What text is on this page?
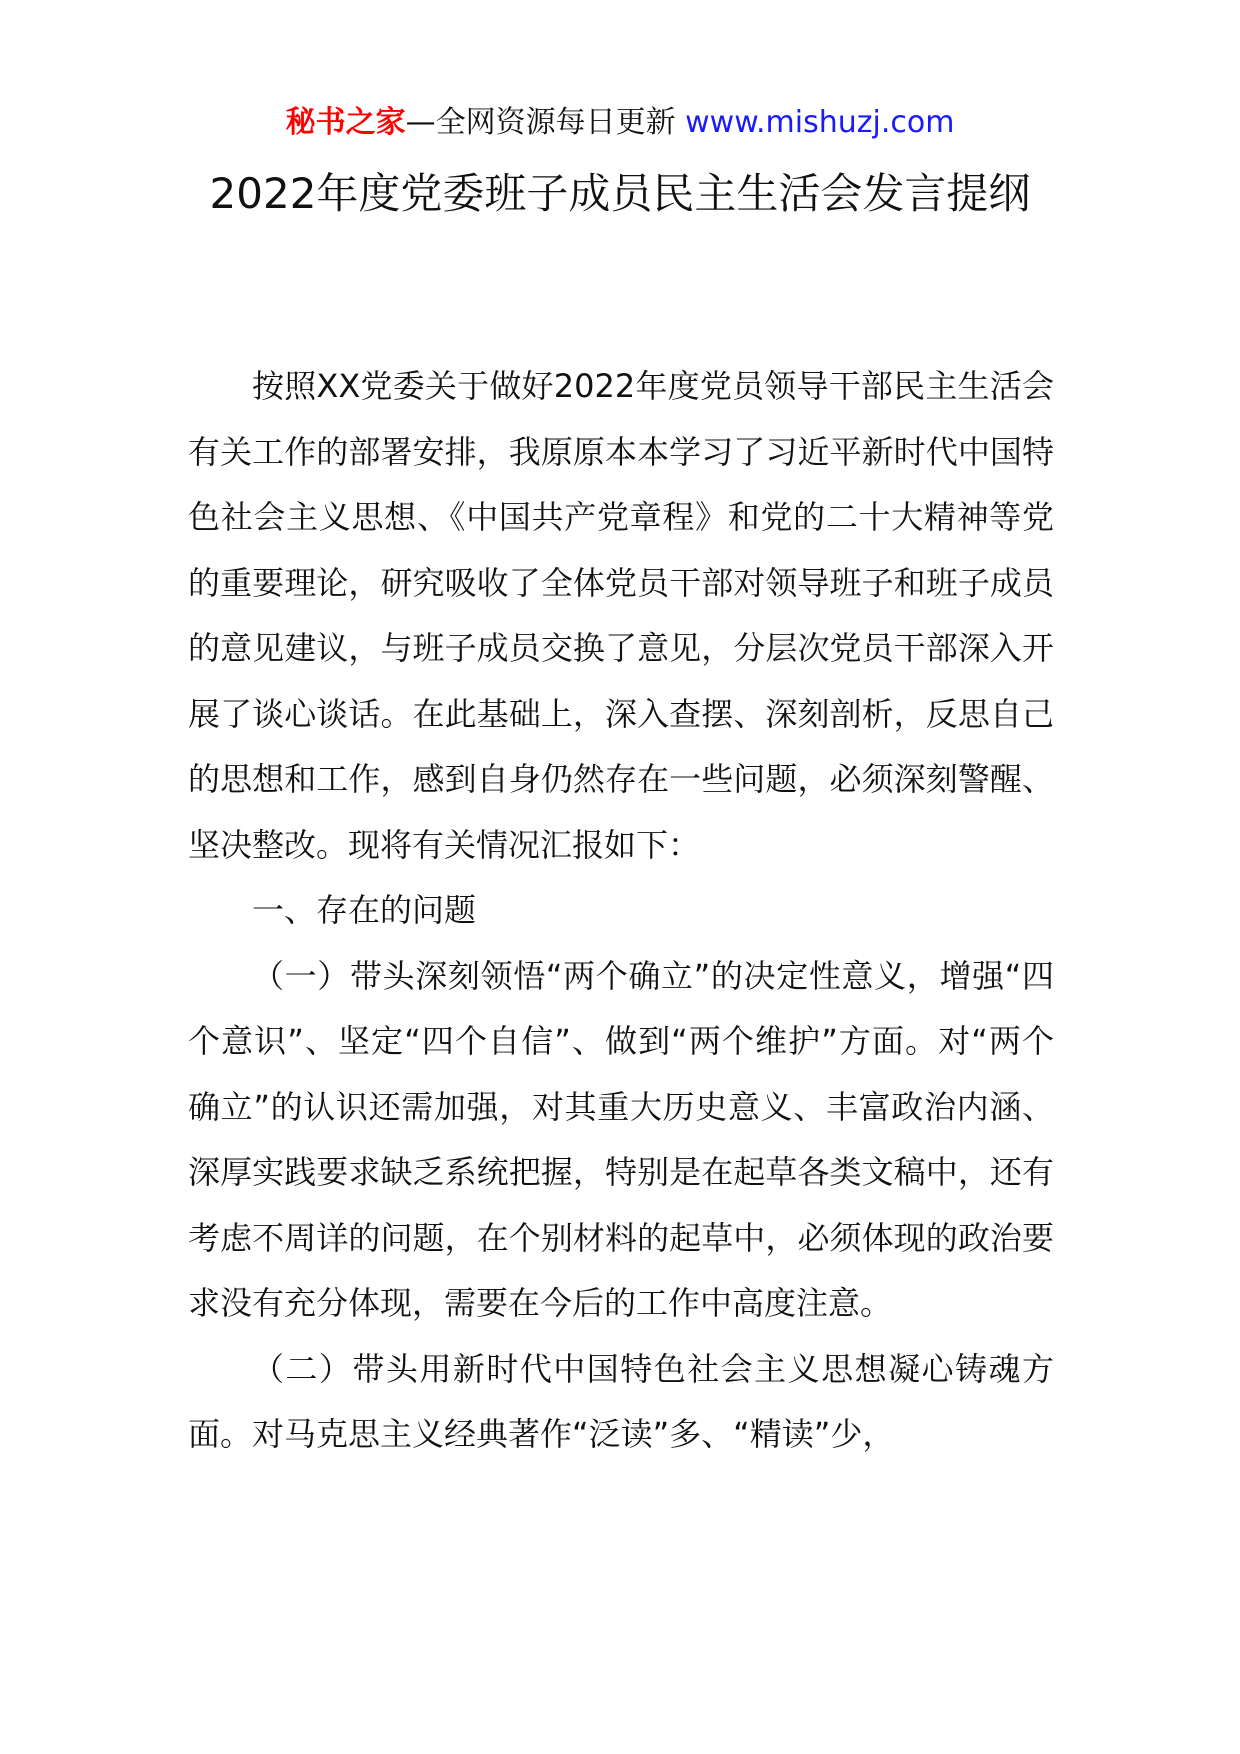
秘书之家—全网资源每日更新 www.mishuzj.com
2022年度党委班子成员民主生活会发言提纲

按照XX党委关于做好2022年度党员领导干部民主生活会有关工作的部署安排，我原原本本学习了习近平新时代中国特色社会主义思想、《中国共产党章程》和党的二十大精神等党的重要理论，研究吸收了全体党员干部对领导班子和班子成员的意见建议，与班子成员交换了意见，分层次党员干部深入开展了谈心谈话。在此基础上，深入查摆、深刻剖析，反思自己的思想和工作，感到自身仍然存在一些问题，必须深刻警醒、坚决整改。现将有关情况汇报如下：

一、存在的问题

（一）带头深刻领悟“两个确立”的决定性意义，增强“四个意识”、坚定“四个自信”、做到“两个维护”方面。对“两个确立”的认识还需加强，对其重大历史意义、丰富政治内涵、深厚实践要求缺乏系统把握，特别是在起草各类文稿中，还有考虑不周详的问题，在个别材料的起草中，必须体现的政治要求没有充分体现，需要在今后的工作中高度注意。

（二）带头用新时代中国特色社会主义思想凝心铸魂方面。对马克思主义经典著作“泛读”多、“精读”少，
